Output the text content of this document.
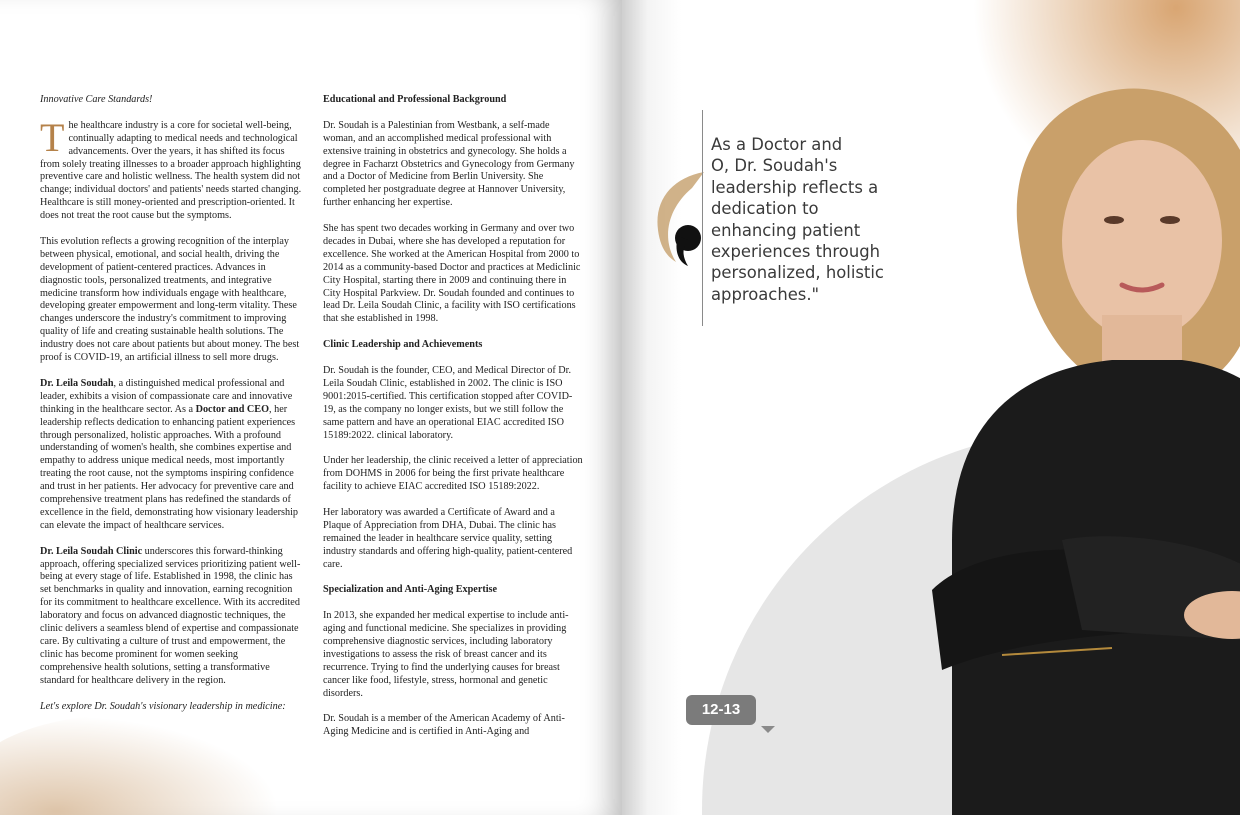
Innovative Care Standards!

The healthcare industry is a core for societal well-being, continually adapting to medical needs and technological advancements. Over the years, it has shifted its focus from solely treating illnesses to a broader approach highlighting preventive care and holistic wellness. The health system did not change; individual doctors' and patients' needs started changing. Healthcare is still money-oriented and prescription-oriented. It does not treat the root cause but the symptoms.

This evolution reflects a growing recognition of the interplay between physical, emotional, and social health, driving the development of patient-centered practices. Advances in diagnostic tools, personalized treatments, and integrative medicine transform how individuals engage with healthcare, developing greater empowerment and long-term vitality. These changes underscore the industry's commitment to improving quality of life and creating sustainable health solutions. The industry does not care about patients but about money. The best proof is COVID-19, an artificial illness to sell more drugs.

Dr. Leila Soudah, a distinguished medical professional and leader, exhibits a vision of compassionate care and innovative thinking in the healthcare sector. As a Doctor and CEO, her leadership reflects dedication to enhancing patient experiences through personalized, holistic approaches. With a profound understanding of women's health, she combines expertise and empathy to address unique medical needs, most importantly treating the root cause, not the symptoms inspiring confidence and trust in her patients. Her advocacy for preventive care and comprehensive treatment plans has redefined the standards of excellence in the field, demonstrating how visionary leadership can elevate the impact of healthcare services.

Dr. Leila Soudah Clinic underscores this forward-thinking approach, offering specialized services prioritizing patient well-being at every stage of life. Established in 1998, the clinic has set benchmarks in quality and innovation, earning recognition for its commitment to healthcare excellence. With its accredited laboratory and focus on advanced diagnostic techniques, the clinic delivers a seamless blend of expertise and compassionate care. By cultivating a culture of trust and empowerment, the clinic has become prominent for women seeking comprehensive health solutions, setting a transformative standard for healthcare delivery in the region.

Let's explore Dr. Soudah's visionary leadership in medicine:

Educational and Professional Background

Dr. Soudah is a Palestinian from Westbank, a self-made woman, and an accomplished medical professional with extensive training in obstetrics and gynecology. She holds a degree in Facharzt Obstetrics and Gynecology from Germany and a Doctor of Medicine from Berlin University. She completed her postgraduate degree at Hannover University, further enhancing her expertise.

She has spent two decades working in Germany and over two decades in Dubai, where she has developed a reputation for excellence. She worked at the American Hospital from 2000 to 2014 as a community-based Doctor and practices at Mediclinic City Hospital, starting there in 2009 and continuing there in City Hospital Parkview. Dr. Soudah founded and continues to lead Dr. Leila Soudah Clinic, a facility with ISO certifications that she established in 1998.

Clinic Leadership and Achievements

Dr. Soudah is the founder, CEO, and Medical Director of Dr. Leila Soudah Clinic, established in 2002. The clinic is ISO 9001:2015-certified. This certification stopped after COVID-19, as the company no longer exists, but we still follow the same pattern and have an operational EIAC accredited ISO 15189:2022. clinical laboratory.

Under her leadership, the clinic received a letter of appreciation from DOHMS in 2006 for being the first private healthcare facility to achieve EIAC accredited ISO 15189:2022.

Her laboratory was awarded a Certificate of Award and a Plaque of Appreciation from DHA, Dubai. The clinic has remained the leader in healthcare service quality, setting industry standards and offering high-quality, patient-centered care.

Specialization and Anti-Aging Expertise

In 2013, she expanded her medical expertise to include anti-aging and functional medicine. She specializes in providing comprehensive diagnostic services, including laboratory investigations to assess the risk of breast cancer and its recurrence. Trying to find the underlying causes for breast cancer like food, lifestyle, stress, hormonal and genetic disorders.

Dr. Soudah is a member of the American Academy of Anti-Aging Medicine and is certified in Anti-Aging and

As a Doctor and
O, Dr. Soudah's
leadership reflects a
dedication to
enhancing patient
experiences through
personalized, holistic
approaches."
12-13
